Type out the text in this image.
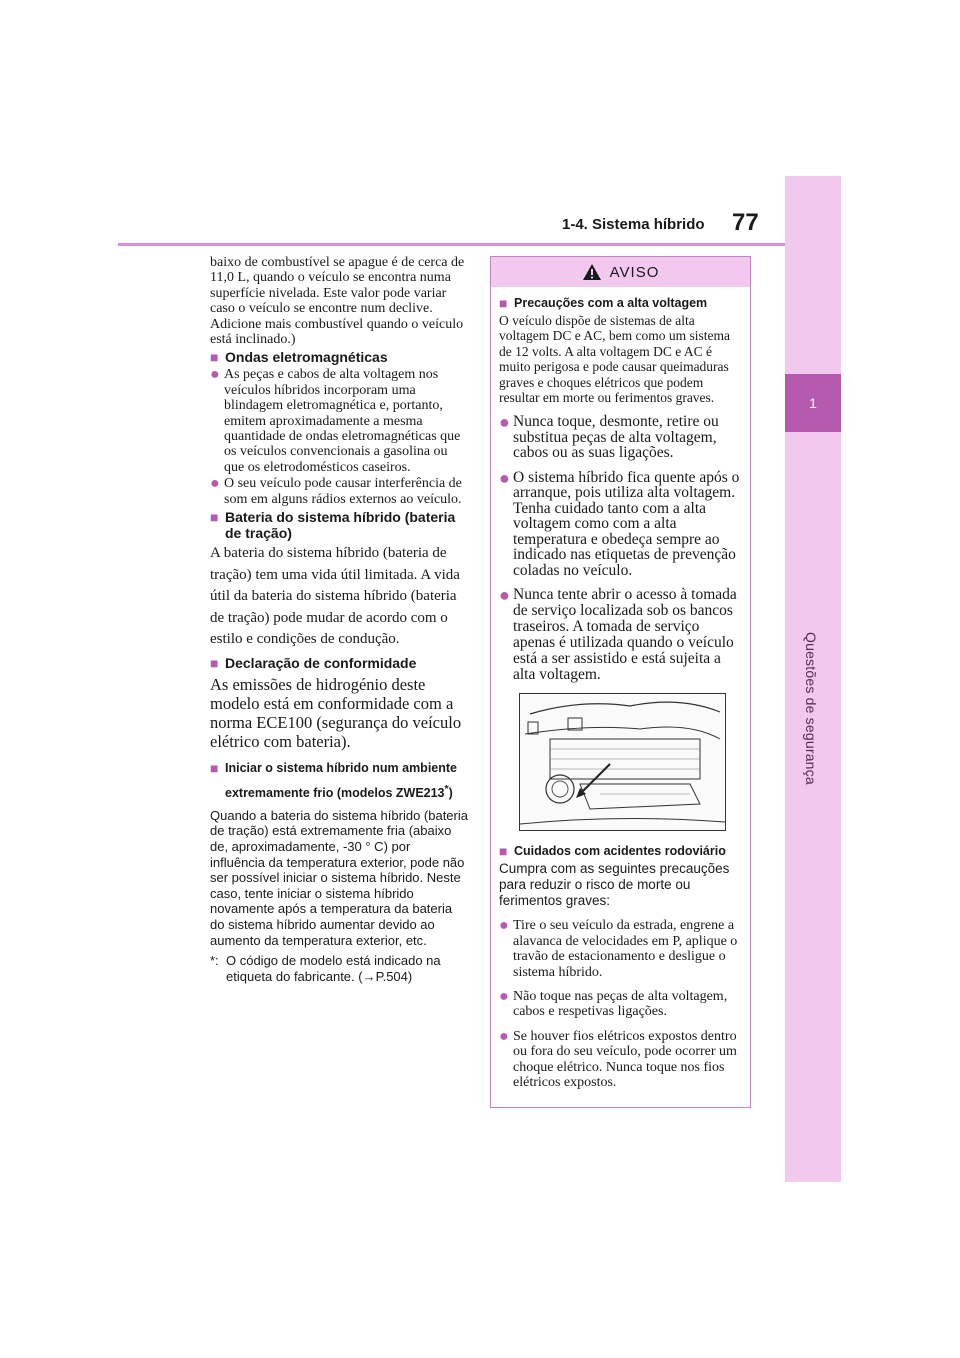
1-4. Sistema híbrido 77
1
Questões de segurança

baixo de combustível se apague é de cerca de 11,0 L, quando o veículo se encontra numa superfície nivelada. Este valor pode variar caso o veículo se encontre num declive. Adicione mais combustível quando o veículo está inclinado.)

■ Ondas eletromagnéticas
● As peças e cabos de alta voltagem nos veículos híbridos incorporam uma blindagem eletromagnética e, portanto, emitem aproximadamente a mesma quantidade de ondas eletromagnéticas que os veículos convencionais a gasolina ou que os eletrodomésticos caseiros.

● O seu veículo pode causar interferência de som em alguns rádios externos ao veículo.

■ Bateria do sistema híbrido (bateria de tração)

A bateria do sistema híbrido (bateria de tração) tem uma vida útil limitada. A vida útil da bateria do sistema híbrido (bateria de tração) pode mudar de acordo com o estilo e condições de condução.

■ Declaração de conformidade

As emissões de hidrogénio deste modelo está em conformidade com a norma ECE100 (segurança do veículo elétrico com bateria).

■ Iniciar o sistema híbrido num ambiente extremamente frio (modelos ZWE213*)

Quando a bateria do sistema híbrido (bateria de tração) está extremamente fria (abaixo de, aproximadamente, -30 ° C) por influência da temperatura exterior, pode não ser possível iniciar o sistema híbrido. Neste caso, tente iniciar o sistema híbrido novamente após a temperatura da bateria do sistema híbrido aumentar devido ao aumento da temperatura exterior, etc.

*: O código de modelo está indicado na etiqueta do fabricante. (→P.504)
AVISO
■ Precauções com a alta voltagem

O veículo dispõe de sistemas de alta voltagem DC e AC, bem como um sistema de 12 volts. A alta voltagem DC e AC é muito perigosa e pode causar queimaduras graves e choques elétricos que podem resultar em morte ou ferimentos graves.

● Nunca toque, desmonte, retire ou substitua peças de alta voltagem, cabos ou as suas ligações.

● O sistema híbrido fica quente após o arranque, pois utiliza alta voltagem. Tenha cuidado tanto com a alta voltagem como com a alta temperatura e obedeça sempre ao indicado nas etiquetas de prevenção coladas no veículo.

● Nunca tente abrir o acesso à tomada de serviço localizada sob os bancos traseiros. A tomada de serviço apenas é utilizada quando o veículo está a ser assistido e está sujeita a alta voltagem.

■ Cuidados com acidentes rodoviário

Cumpra com as seguintes precauções para reduzir o risco de morte ou ferimentos graves:

● Tire o seu veículo da estrada, engrene a alavanca de velocidades em P, aplique o travão de estacionamento e desligue o sistema híbrido.

● Não toque nas peças de alta voltagem, cabos e respetivas ligações.

● Se houver fios elétricos expostos dentro ou fora do seu veículo, pode ocorrer um choque elétrico. Nunca toque nos fios elétricos expostos.
